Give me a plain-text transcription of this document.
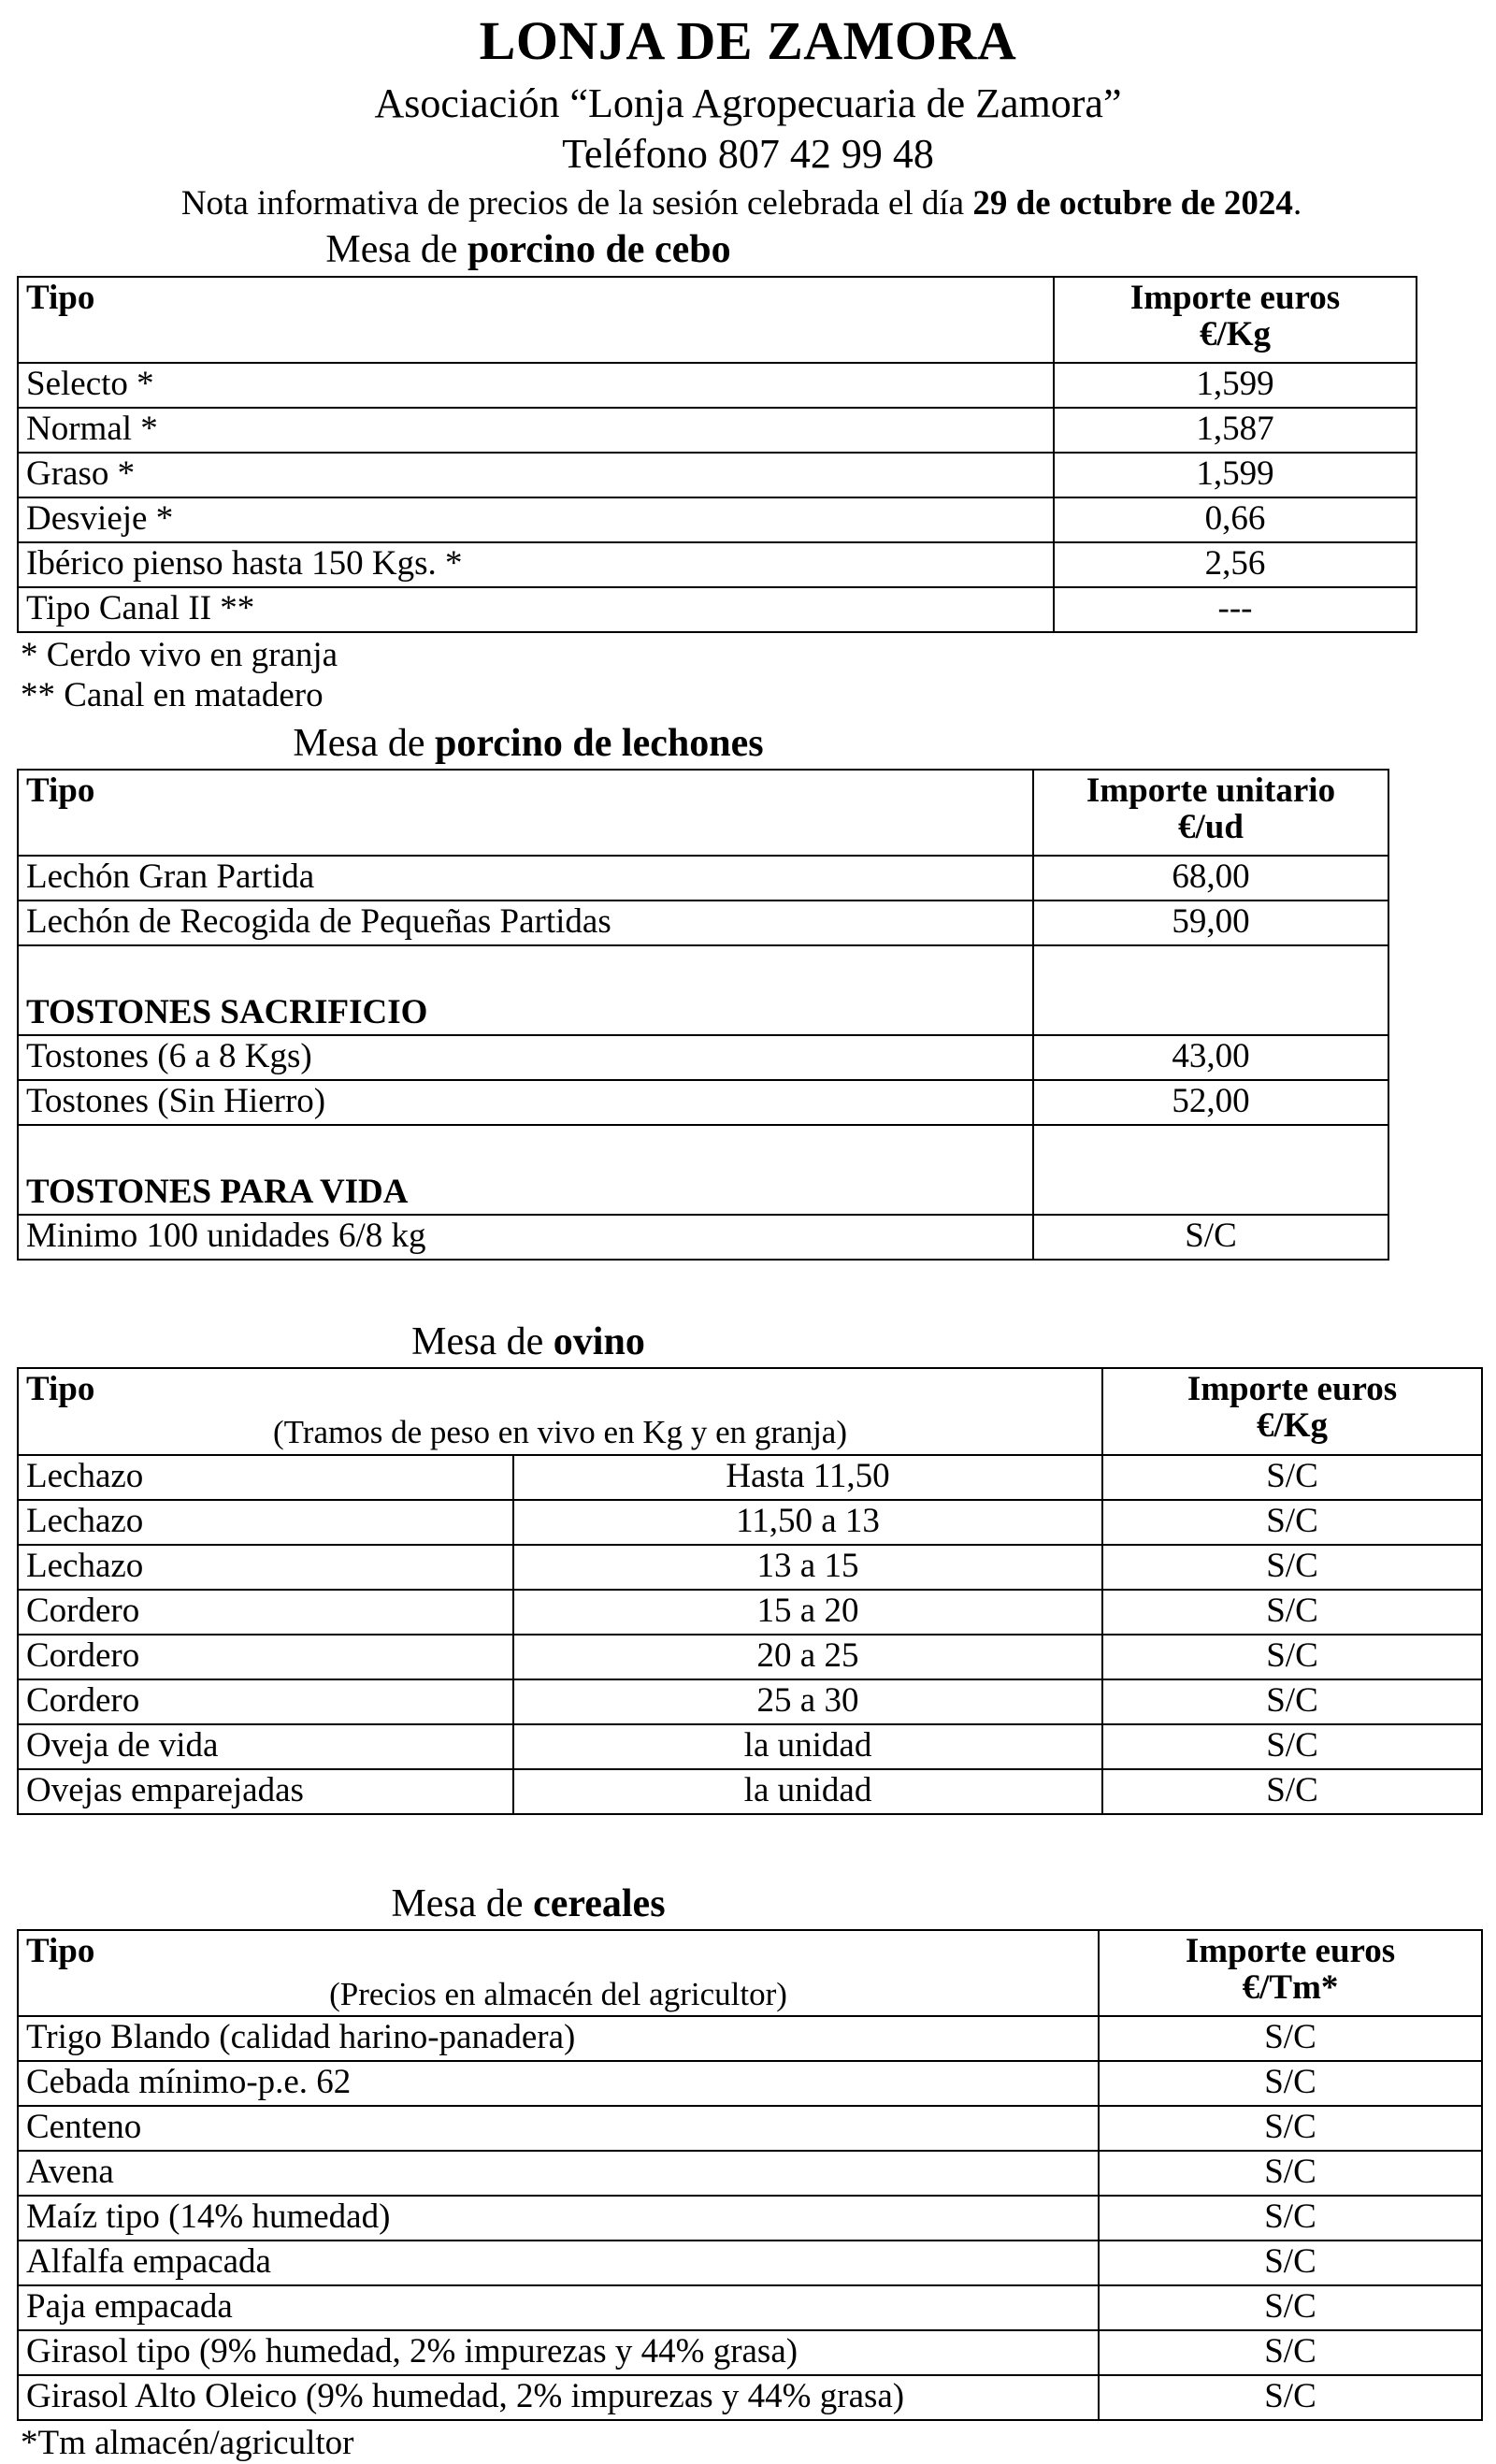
LONJA DE ZAMORA
Asociación “Lonja Agropecuaria de Zamora”
Teléfono 807 42 99 48
Nota informativa de precios de la sesión celebrada el día 29 de octubre de 2024.
Mesa de porcino de cebo
Tipo	Importe euros
€/Kg

Selecto *	1,599
Normal *	1,587
Graso *	1,599
Desvieje *	0,66
Ibérico pienso hasta 150 Kgs. *	2,56
Tipo Canal II **	---
* Cerdo vivo en granja
** Canal en matadero
Mesa de porcino de lechones
Tipo	Importe unitario
€/ud

Lechón Gran Partida	68,00
Lechón de Recogida de Pequeñas Partidas	59,00
TOSTONES SACRIFICIO	
Tostones (6 a 8 Kgs)	43,00
Tostones (Sin Hierro)	52,00
TOSTONES PARA VIDA	
Minimo 100 unidades 6/8 kg	S/C
Mesa de ovino
Tipo
(Tramos de peso en vivo en Kg y en granja)

Importe euros
€/Kg

Lechazo	Hasta 11,50	S/C
Lechazo	11,50 a 13	S/C
Lechazo	13 a 15	S/C
Cordero	15 a 20	S/C
Cordero	20 a 25	S/C
Cordero	25 a 30	S/C
Oveja de vida	la unidad	S/C
Ovejas emparejadas	la unidad	S/C
Mesa de cereales
Tipo
(Precios en almacén del agricultor)

Importe euros
€/Tm*

Trigo Blando (calidad harino-panadera)	S/C
Cebada mínimo-p.e. 62	S/C
Centeno	S/C
Avena	S/C
Maíz tipo (14% humedad)	S/C
Alfalfa empacada	S/C
Paja empacada	S/C
Girasol tipo (9% humedad, 2% impurezas y 44% grasa)	S/C
Girasol Alto Oleico (9% humedad, 2% impurezas y 44% grasa)	S/C
*Tm almacén/agricultor
